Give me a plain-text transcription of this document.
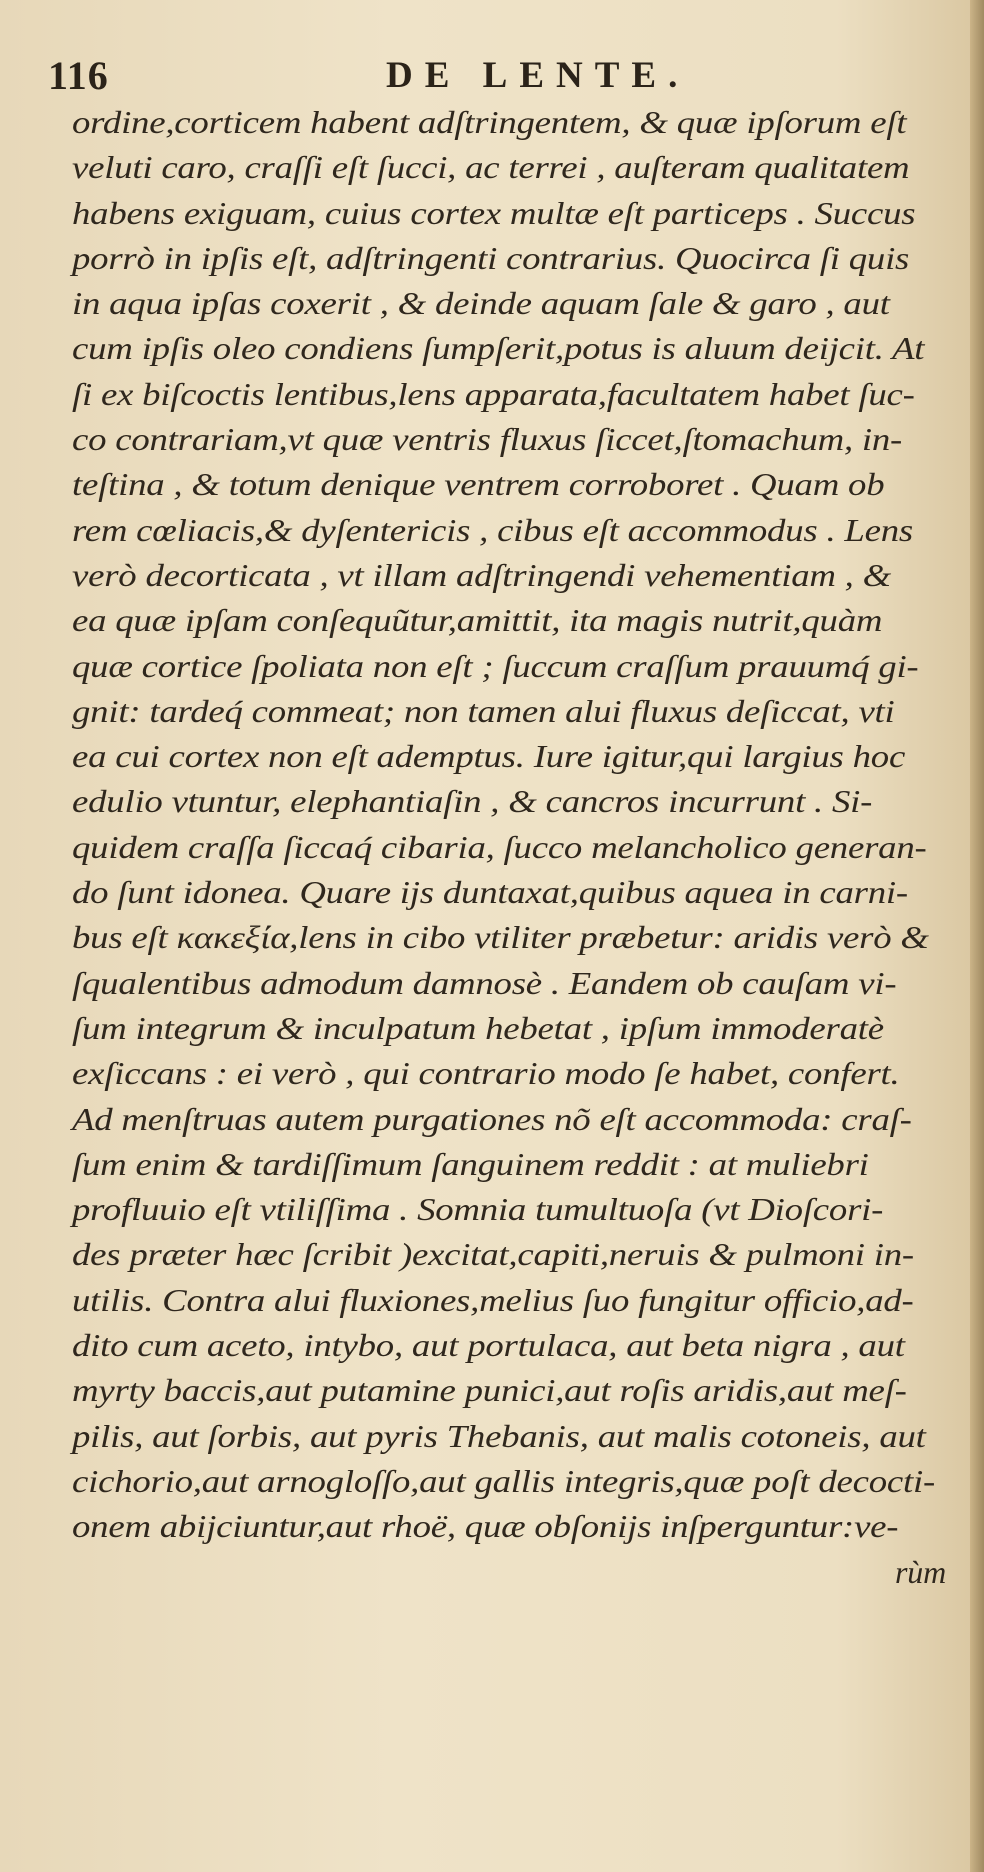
116	DE LENTE.
ordine,corticem habent adſtringentem, & quæ ipſorum eſt
veluti caro, craſſi eſt ſucci, ac terrei , auſteram qualitatem
habens exiguam, cuius cortex multæ eſt particeps . Succus
porrò in ipſis eſt, adſtringenti contrarius. Quocirca ſi quis
in aqua ipſas coxerit , & deinde aquam ſale & garo , aut
cum ipſis oleo condiens ſumpſerit,potus is aluum deijcit. At
ſi ex biſcoctis lentibus,lens apparata,facultatem habet ſuc-
co contrariam,vt quæ ventris fluxus ſiccet,ſtomachum, in-
teſtina , & totum denique ventrem corroboret . Quam ob
rem cœliacis,& dyſentericis , cibus eſt accommodus . Lens
verò decorticata , vt illam adſtringendi vehementiam , &
ea quæ ipſam conſequũtur,amittit, ita magis nutrit,quàm
quæ cortice ſpoliata non eſt ; ſuccum craſſum prauumq́ gi-
gnit: tardeq́ commeat; non tamen alui fluxus deſiccat, vti
ea cui cortex non eſt ademptus. Iure igitur,qui largius hoc
edulio vtuntur, elephantiaſin , & cancros incurrunt . Si-
quidem craſſa ſiccaq́ cibaria, ſucco melancholico generan-
do ſunt idonea. Quare ijs duntaxat,quibus aquea in carni-
bus eſt κακεξία,lens in cibo vtiliter præbetur: aridis verò &
ſqualentibus admodum damnosè . Eandem ob cauſam vi-
ſum integrum & inculpatum hebetat , ipſum immoderatè
exſiccans : ei verò , qui contrario modo ſe habet, confert.
Ad menſtruas autem purgationes nõ eſt accommoda: craſ-
ſum enim & tardiſſimum ſanguinem reddit : at muliebri
profluuio eſt vtiliſſima . Somnia tumultuoſa (vt Dioſcori-
des præter hæc ſcribit )excitat,capiti,neruis & pulmoni in-
utilis. Contra alui fluxiones,melius ſuo fungitur officio,ad-
dito cum aceto, intybo, aut portulaca, aut beta nigra , aut
myrty baccis,aut putamine punici,aut roſis aridis,aut meſ-
pilis, aut ſorbis, aut pyris Thebanis, aut malis cotoneis, aut
cichorio,aut arnogloſſo,aut gallis integris,quæ poſt decocti-
onem abijciuntur,aut rhoë, quæ obſonijs inſperguntur:ve-
rùm
